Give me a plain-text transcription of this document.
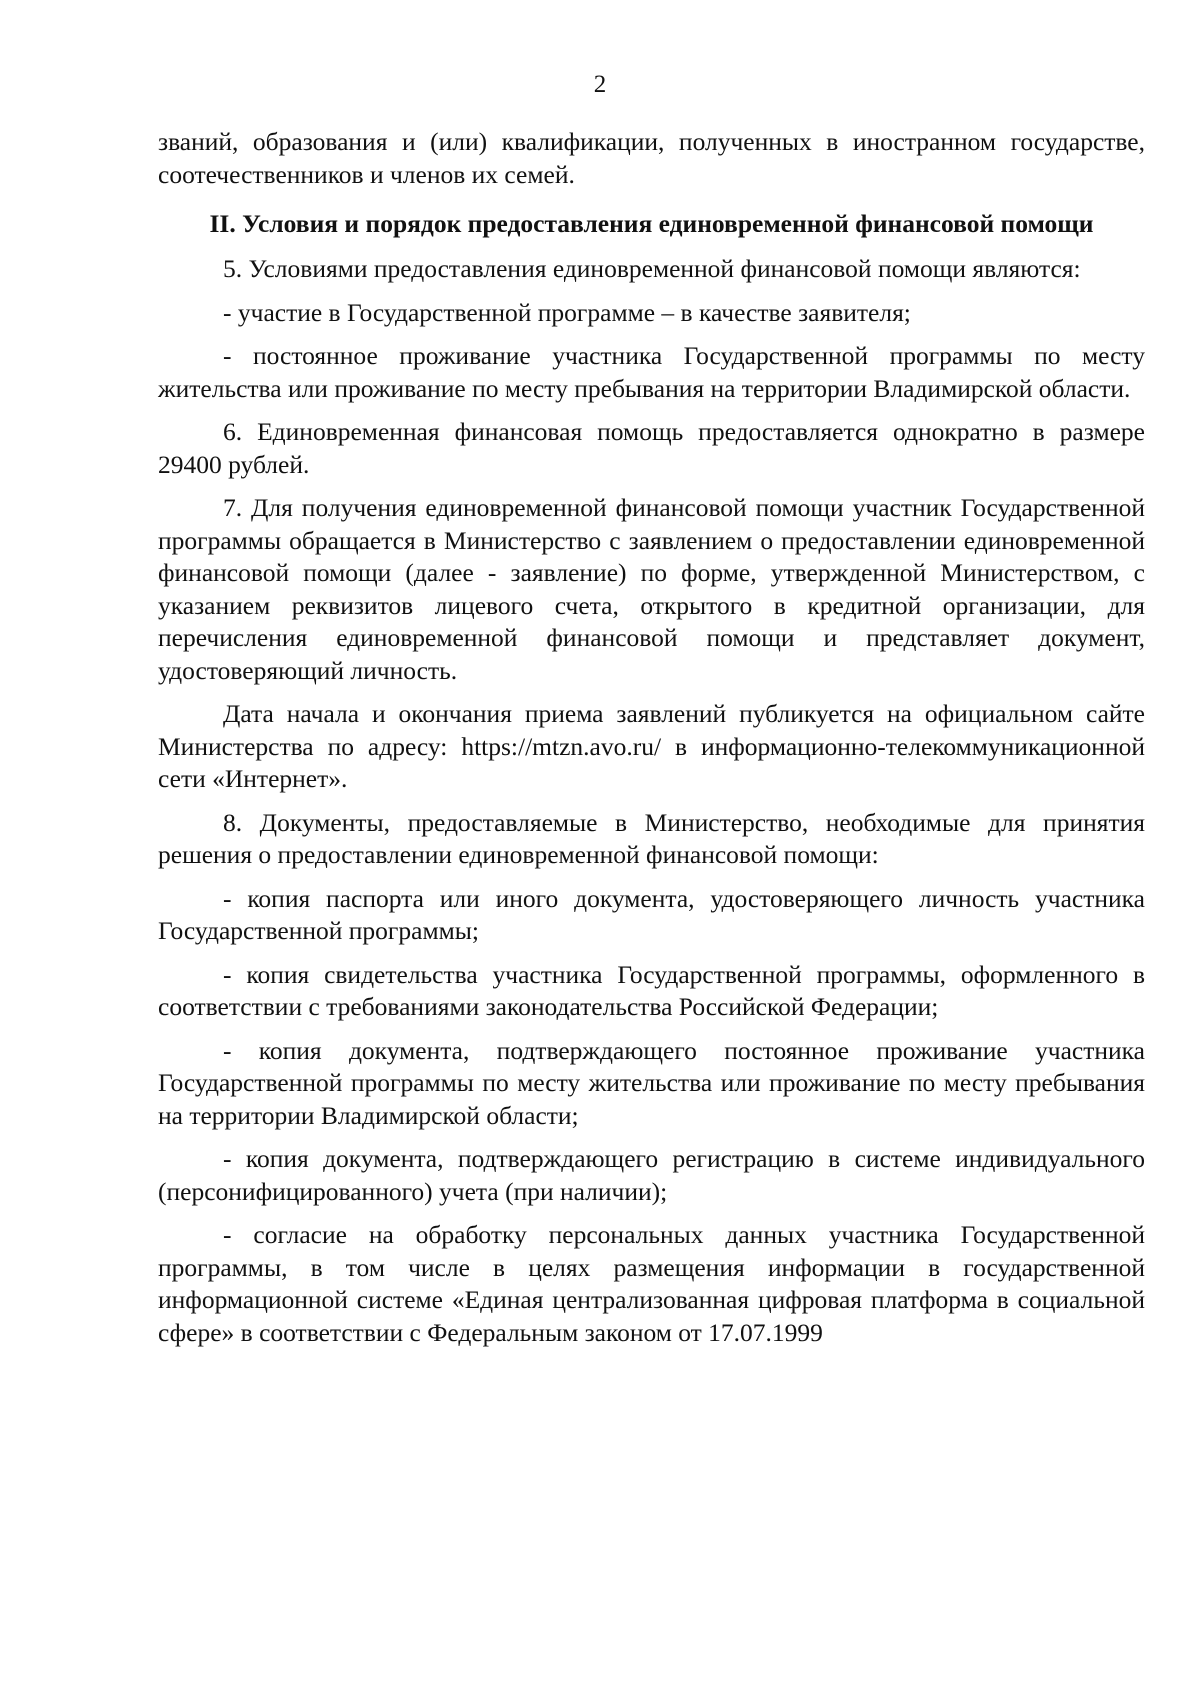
2

званий, образования и (или) квалификации, полученных в иностранном государстве, соотечественников и членов их семей.

II. Условия и порядок предоставления единовременной финансовой помощи

5. Условиями предоставления единовременной финансовой помощи являются:

- участие в Государственной программе – в качестве заявителя;

- постоянное проживание участника Государственной программы по месту жительства или проживание по месту пребывания на территории Владимирской области.

6. Единовременная финансовая помощь предоставляется однократно в размере 29400 рублей.

7. Для получения единовременной финансовой помощи участник Государственной программы обращается в Министерство с заявлением о предоставлении единовременной финансовой помощи (далее - заявление) по форме, утвержденной Министерством, с указанием реквизитов лицевого счета, открытого в кредитной организации, для перечисления единовременной финансовой помощи и представляет документ, удостоверяющий личность.

Дата начала и окончания приема заявлений публикуется на официальном сайте Министерства по адресу: https://mtzn.avo.ru/ в информационно-телекоммуникационной сети «Интернет».

8. Документы, предоставляемые в Министерство, необходимые для принятия решения о предоставлении единовременной финансовой помощи:

- копия паспорта или иного документа, удостоверяющего личность участника Государственной программы;

- копия свидетельства участника Государственной программы, оформленного в соответствии с требованиями законодательства Российской Федерации;

- копия документа, подтверждающего постоянное проживание участника Государственной программы по месту жительства или проживание по месту пребывания на территории Владимирской области;

- копия документа, подтверждающего регистрацию в системе индивидуального (персонифицированного) учета (при наличии);

- согласие на обработку персональных данных участника Государственной программы, в том числе в целях размещения информации в государственной информационной системе «Единая централизованная цифровая платформа в социальной сфере» в соответствии с Федеральным законом от 17.07.1999
